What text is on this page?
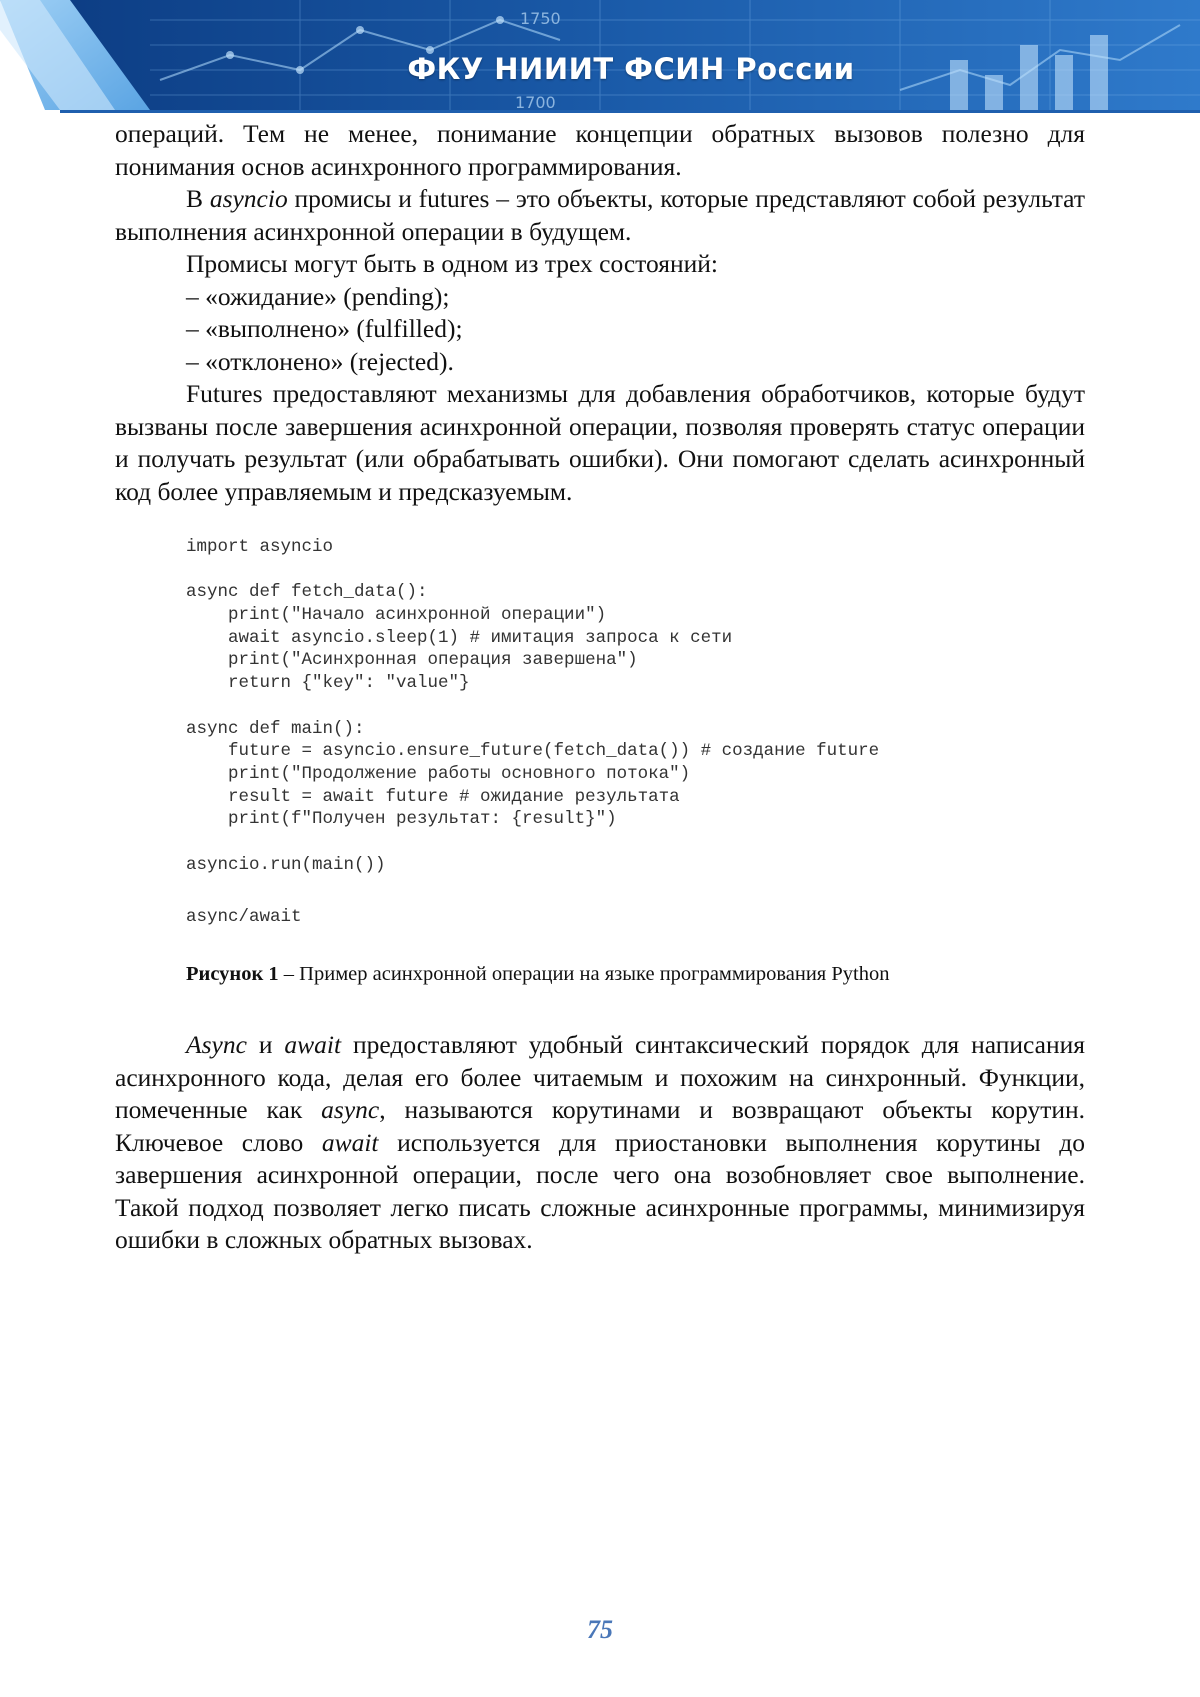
1750
1700
ФКУ НИИИТ ФСИН России

операций. Тем не менее, понимание концепции обратных вызовов полезно для понимания основ асинхронного программирования.

В asyncio промисы и futures – это объекты, которые представляют собой результат выполнения асинхронной операции в будущем.

Промисы могут быть в одном из трех состояний:

– «ожидание» (pending);

– «выполнено» (fulfilled);

– «отклонено» (rejected).

Futures предоставляют механизмы для добавления обработчиков, которые будут вызваны после завершения асинхронной операции, позволяя проверять статус операции и получать результат (или обрабатывать ошибки). Они помогают сделать асинхронный код более управляемым и предсказуемым.

import asyncio
async def fetch_data():
print("Начало асинхронной операции")
await asyncio.sleep(1) # имитация запроса к сети
print("Асинхронная операция завершена")
return {"key": "value"}
async def main():
future = asyncio.ensure_future(fetch_data()) # создание future
print("Продолжение работы основного потока")
result = await future # ожидание результата
print(f"Получен результат: {result}")
asyncio.run(main())
async/await
Рисунок 1 – Пример асинхронной операции на языке программирования Python

Async и await предоставляют удобный синтаксический порядок для написания асинхронного кода, делая его более читаемым и похожим на синхронный. Функции, помеченные как async, называются корутинами и возвращают объекты корутин. Ключевое слово await используется для приостановки выполнения корутины до завершения асинхронной операции, после чего она возобновляет свое выполнение. Такой подход позволяет легко писать сложные асинхронные программы, минимизируя ошибки в сложных обратных вызовах.

75
